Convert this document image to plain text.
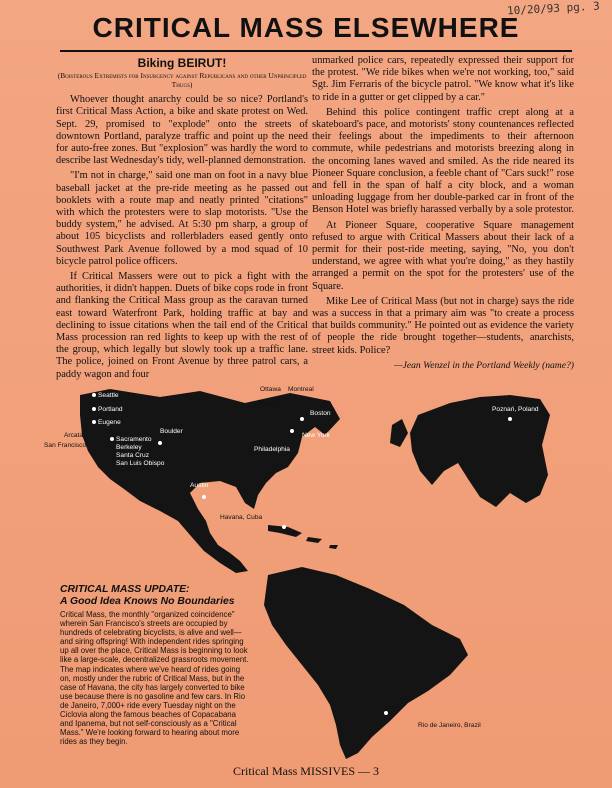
10/20/93 pg. 3
CRITICAL MASS ELSEWHERE
Biking BEIRUT!
(Boisterous Extremists for Insurgency against Republicans and other Unprincipled Thugs)

Whoever thought anarchy could be so nice? Portland's first Critical Mass Action, a bike and skate protest on Wed. Sept. 29, promised to "explode" onto the streets of downtown Portland, paralyze traffic and point up the need for auto-free zones. But "explosion" was hardly the word to describe last Wednesday's tidy, well-planned demonstration.

"I'm not in charge," said one man on foot in a navy blue baseball jacket at the pre-ride meeting as he passed out booklets with a route map and neatly printed "citations" with which the protesters were to slap motorists. "Use the buddy system," he advised. At 5:30 pm sharp, a group of about 105 bicyclists and rollerbladers eased gently onto Southwest Park Avenue followed by a mod squad of 10 bicycle patrol police officers.

If Critical Massers were out to pick a fight with the authorities, it didn't happen. Duets of bike cops rode in front and flanking the Critical Mass group as the caravan turned east toward Waterfront Park, holding traffic at bay and declining to issue citations when the tail end of the Critical Mass procession ran red lights to keep up with the rest of the group, which legally but slowly took up a traffic lane. The police, joined on Front Avenue by three patrol cars, a paddy wagon and four

unmarked police cars, repeatedly expressed their support for the protest. "We ride bikes when we're not working, too," said Sgt. Jim Ferraris of the bicycle patrol. "We know what it's like to ride in a gutter or get clipped by a car."

Behind this police contingent traffic crept along at a skateboard's pace, and motorists' stony countenances reflected their feelings about the impediments to their afternoon commute, while pedestrians and motorists breezing along in the oncoming lanes waved and smiled. As the ride neared its Pioneer Square conclusion, a feeble chant of "Cars suck!" rose and fell in the span of half a city block, and a woman unloading luggage from her double-parked car in front of the Benson Hotel was briefly harassed verbally by a sole protestor.

At Pioneer Square, cooperative Square management refused to argue with Critical Massers about their lack of a permit for their post-ride meeting, saying, "No, you don't understand, we agree with what you're doing," as they hastily arranged a permit on the spot for the protesters' use of the Square.

Mike Lee of Critical Mass (but not in charge) says the ride was a success in that a primary aim was "to create a process that builds community." He pointed out as evidence the variety of people the ride brought together—students, anarchists, street kids. Police?

—Jean Wenzel in the Portland Weekly (name?)
Seattle
Portland
Eugene
Arcata
San Francisco
Sacramento
Berkeley
Santa Cruz
San Luis Obispo
Boulder
Austin
Ottawa Montreal
Toronto
Boston
New York
Philadelphia
Havana, Cuba
Poznań, Poland
Rio de Janeiro, Brazil
CRITICAL MASS UPDATE:
A Good Idea Knows No Boundaries
Critical Mass, the monthly "organized coincidence" wherein San Francisco's streets are occupied by hundreds of celebrating bicyclists, is alive and well—and siring offspring! With independent rides springing up all over the place, Critical Mass is beginning to look like a large-scale, decentralized grassroots movement. The map indicates where we've heard of rides going on, mostly under the rubric of Critical Mass, but in the case of Havana, the city has largely converted to bike use because there is no gasoline and few cars. In Rio de Janeiro, 7,000+ ride every Tuesday night on the Ciclovia along the famous beaches of Copacabana and Ipanema, but not self-consciously as a "Critical Mass." We're looking forward to hearing about more rides as they begin.
Critical Mass MISSIVES — 3
